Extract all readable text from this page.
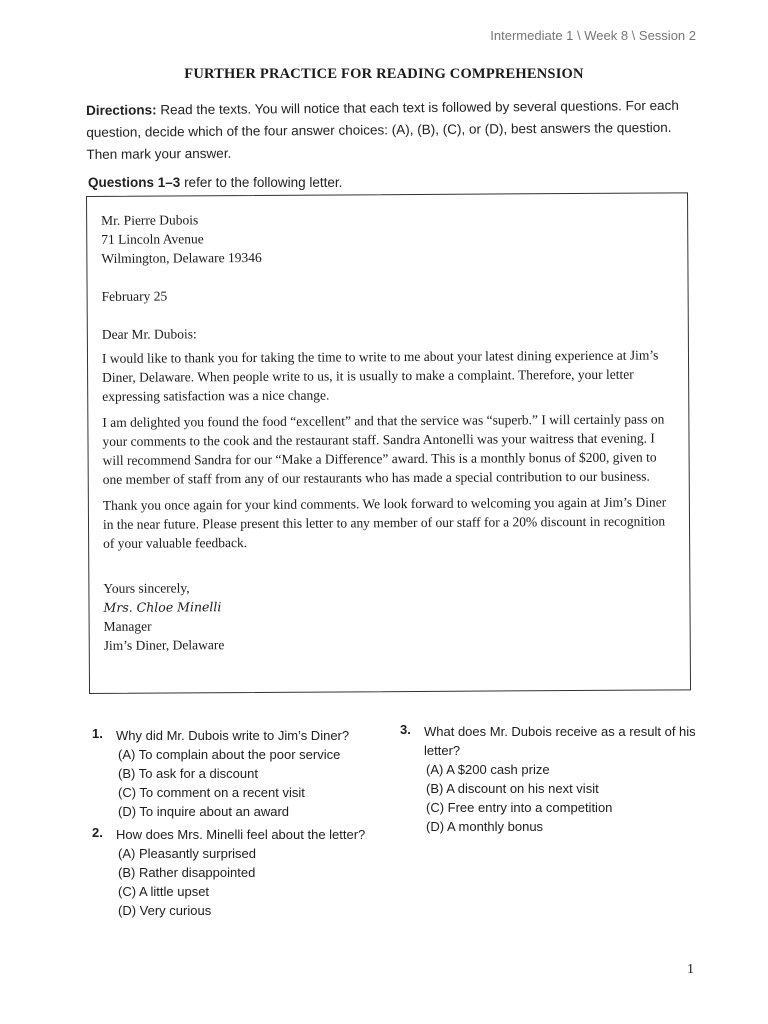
Intermediate 1 \ Week 8 \ Session 2
FURTHER PRACTICE FOR READING COMPREHENSION
Directions: Read the texts. You will notice that each text is followed by several questions. For each question, decide which of the four answer choices: (A), (B), (C), or (D), best answers the question. Then mark your answer.
Questions 1–3 refer to the following letter.
Mr. Pierre Dubois
71 Lincoln Avenue
Wilmington, Delaware 19346
February 25
Dear Mr. Dubois:

I would like to thank you for taking the time to write to me about your latest dining experience at Jim’s Diner, Delaware. When people write to us, it is usually to make a complaint. Therefore, your letter expressing satisfaction was a nice change.

I am delighted you found the food “excellent” and that the service was “superb.” I will certainly pass on your comments to the cook and the restaurant staff. Sandra Antonelli was your waitress that evening. I will recommend Sandra for our “Make a Difference” award. This is a monthly bonus of $200, given to one member of staff from any of our restaurants who has made a special contribution to our business.

Thank you once again for your kind comments. We look forward to welcoming you again at Jim’s Diner in the near future. Please present this letter to any member of our staff for a 20% discount in recognition of your valuable feedback.

Yours sincerely,
Mrs. Chloe Minelli
Manager
Jim’s Diner, Delaware
1.	Why did Mr. Dubois write to Jim’s Diner?
(A) To complain about the poor service
(B) To ask for a discount
(C) To comment on a recent visit
(D) To inquire about an award
2.	How does Mrs. Minelli feel about the letter?
(A) Pleasantly surprised
(B) Rather disappointed
(C) A little upset
(D) Very curious
3.	What does Mr. Dubois receive as a result of his letter?
(A) A $200 cash prize
(B) A discount on his next visit
(C) Free entry into a competition
(D) A monthly bonus
1
